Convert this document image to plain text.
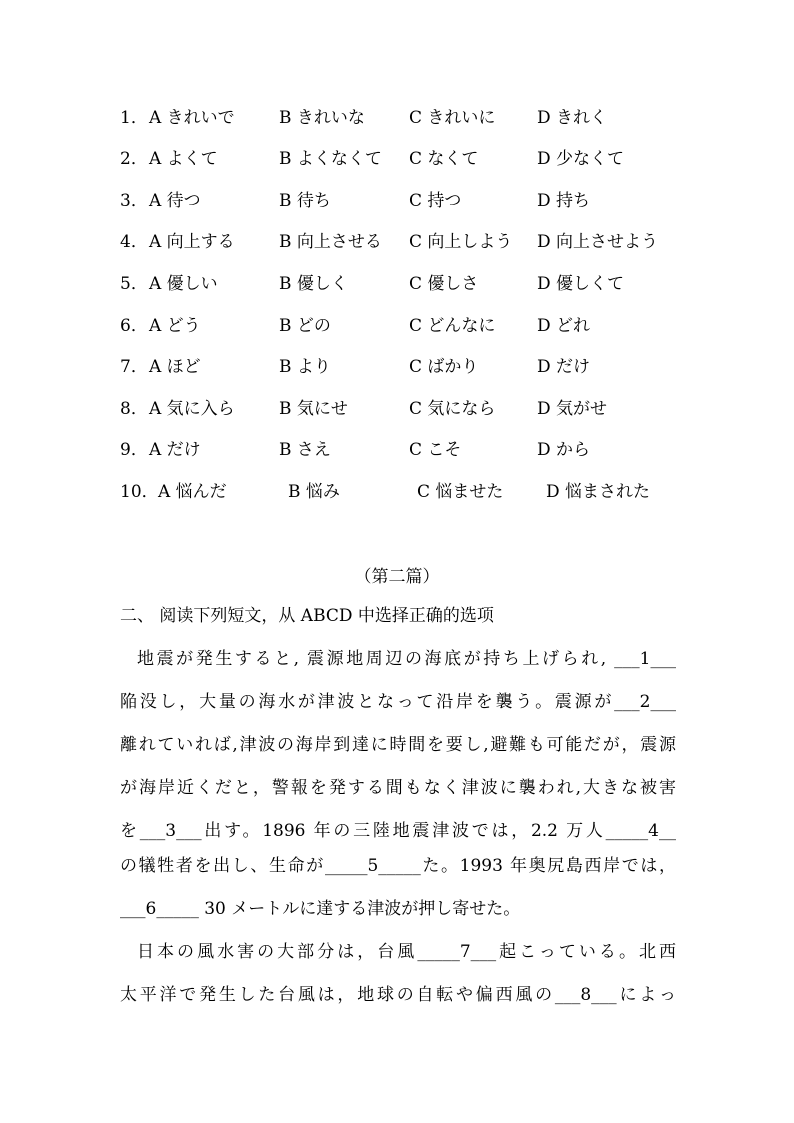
1． A きれいで	B きれいな	C きれいに D きれく
2． A よくて	B よくなくて C なくて	D 少なくて
3． A 待つ	B 待ち	C 持つ	D 持ち
4． A 向上する	B 向上させる C 向上しよう D 向上させよう
5． A 優しい	B 優しく	C 優しさ	D 優しくて
6． A どう	B どの	C どんなに D どれ
7． A ほど	B より	C ばかり	D だけ
8． A 気に入ら	B 気にせ	C 気になら D 気がせ
9． A だけ	B さえ	C こそ	D から
10． A 悩んだ	B 悩み	C 悩ませた	D 悩まされた
（第二篇）
二、 阅读下列短文，从 ABCD 中选择正确的选项
地震が発生すると, 震源地周辺の海底が持ち上げられ, ___1___
陥没し，大量の海水が津波となって沿岸を襲う。震源が___2___
離れていれば,津波の海岸到達に時間を要し,避難も可能だが，震源
が海岸近くだと，警報を発する間もなく津波に襲われ,大きな被害
を___3___出す。1896 年の三陸地震津波では，2.2 万人_____4__
の犠牲者を出し、生命が_____5_____た。1993 年奥尻島西岸では，
___6_____ 30 メートルに達する津波が押し寄せた。
日本の風水害の大部分は，台風_____7___起こっている。北西
太平洋で発生した台風は，地球の自転や偏西風の___8___によっ
